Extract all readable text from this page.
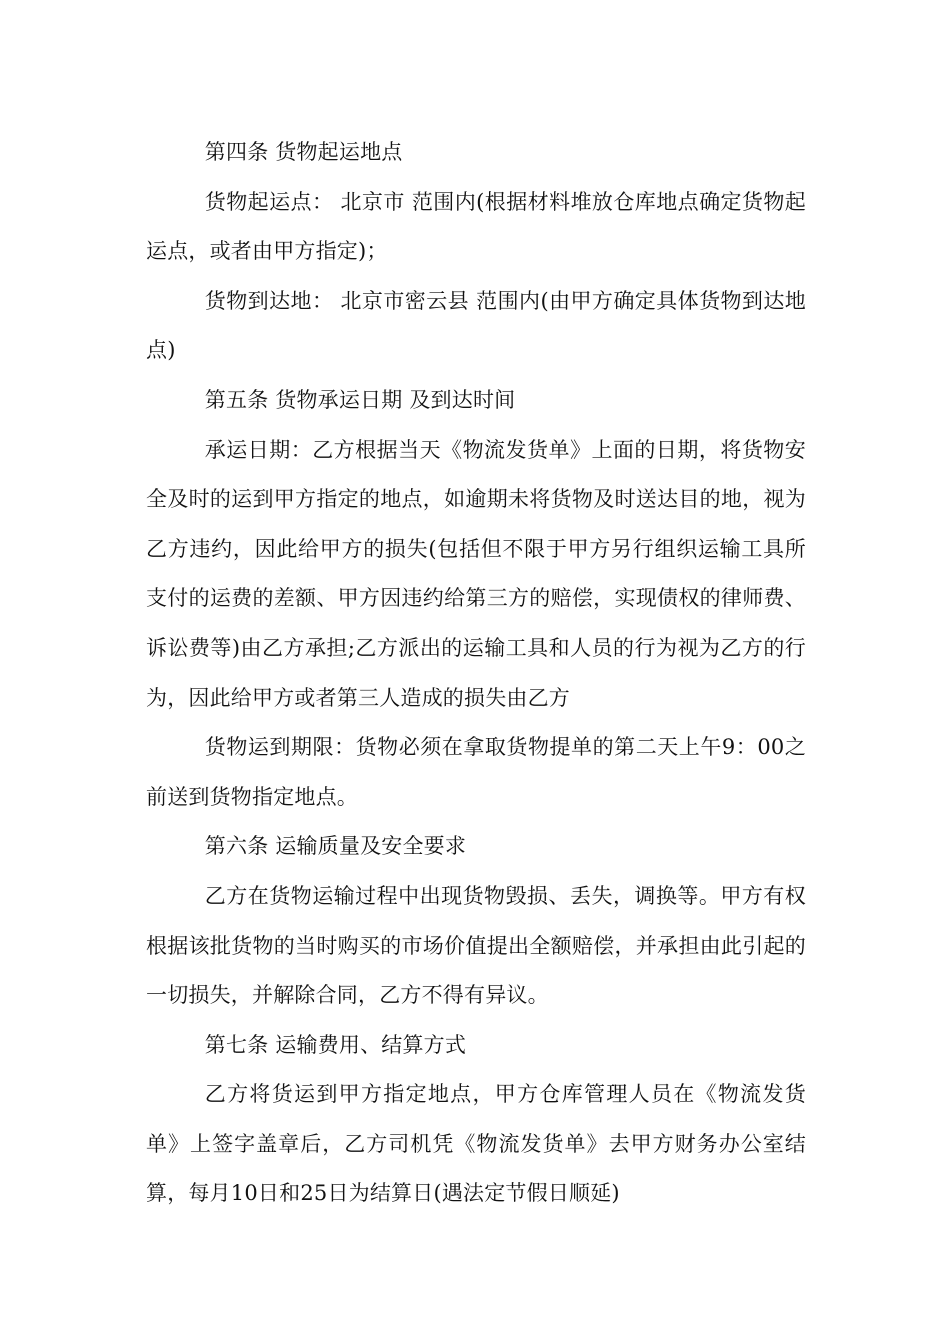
第四条 货物起运地点

货物起运点： 北京市 范围内(根据材料堆放仓库地点确定货物起运点，或者由甲方指定)；

货物到达地： 北京市密云县 范围内(由甲方确定具体货物到达地点)

第五条 货物承运日期 及到达时间

承运日期：乙方根据当天《物流发货单》上面的日期，将货物安全及时的运到甲方指定的地点，如逾期未将货物及时送达目的地，视为乙方违约，因此给甲方的损失(包括但不限于甲方另行组织运输工具所支付的运费的差额、甲方因违约给第三方的赔偿，实现债权的律师费、诉讼费等)由乙方承担;乙方派出的运输工具和人员的行为视为乙方的行为，因此给甲方或者第三人造成的损失由乙方

货物运到期限：货物必须在拿取货物提单的第二天上午9：00之前送到货物指定地点。

第六条 运输质量及安全要求

乙方在货物运输过程中出现货物毁损、丢失，调换等。甲方有权根据该批货物的当时购买的市场价值提出全额赔偿，并承担由此引起的一切损失，并解除合同，乙方不得有异议。

第七条 运输费用、结算方式

乙方将货运到甲方指定地点，甲方仓库管理人员在《物流发货单》上签字盖章后，乙方司机凭《物流发货单》去甲方财务办公室结算，每月10日和25日为结算日(遇法定节假日顺延)
